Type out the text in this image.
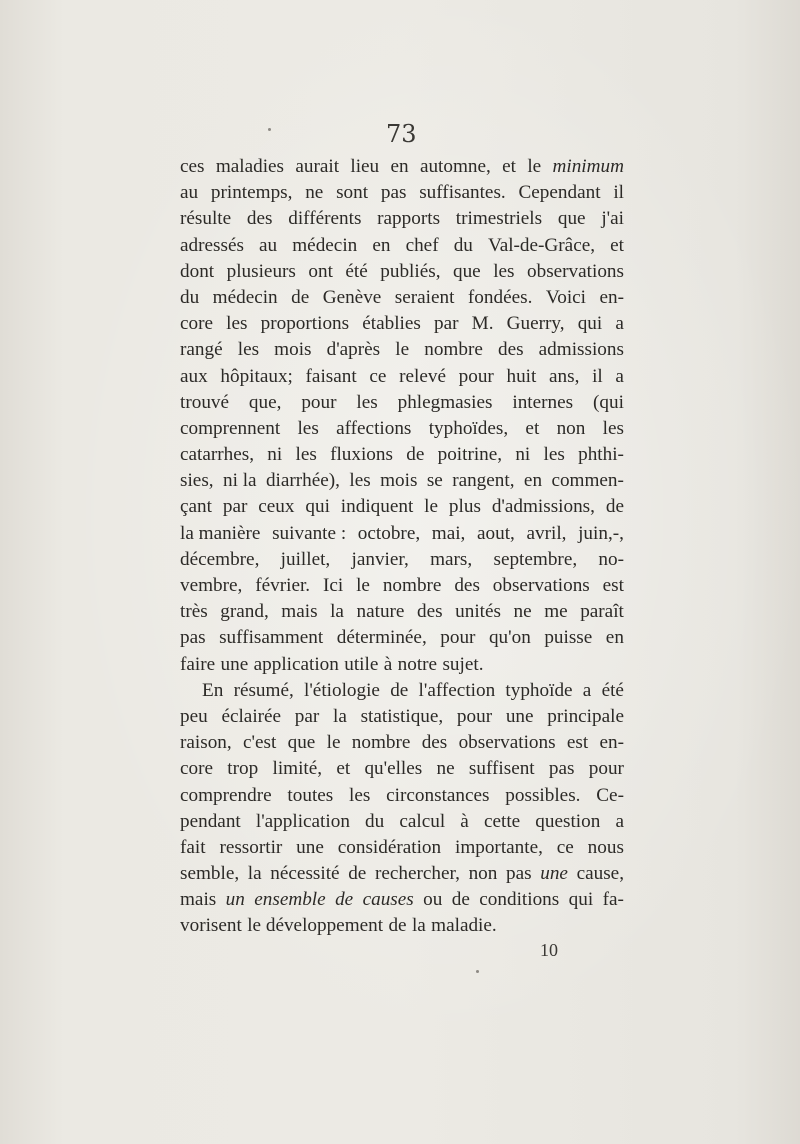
73
ces maladies aurait lieu en automne, et le minimum
au printemps, ne sont pas suffisantes. Cependant il
résulte des différents rapports trimestriels que j'ai
adressés au médecin en chef du Val-de-Grâce, et
dont plusieurs ont été publiés, que les observations
du médecin de Genève seraient fondées. Voici en-
core les proportions établies par M. Guerry, qui a
rangé les mois d'après le nombre des admissions
aux hôpitaux; faisant ce relevé pour huit ans, il a
trouvé que, pour les phlegmasies internes (qui
comprennent les affections typhoïdes, et non les
catarrhes, ni les fluxions de poitrine, ni les phthi-
sies, ni la diarrhée), les mois se rangent, en commen-
çant par ceux qui indiquent le plus d'admissions, de
la manière suivante : octobre, mai, aout, avril, juin,-,
décembre, juillet, janvier, mars, septembre, no-
vembre, février. Ici le nombre des observations est
très grand, mais la nature des unités ne me paraît
pas suffisamment déterminée, pour qu'on puisse en
faire une application utile à notre sujet.
En résumé, l'étiologie de l'affection typhoïde a été
peu éclairée par la statistique, pour une principale
raison, c'est que le nombre des observations est en-
core trop limité, et qu'elles ne suffisent pas pour
comprendre toutes les circonstances possibles. Ce-
pendant l'application du calcul à cette question a
fait ressortir une considération importante, ce nous
semble, la nécessité de rechercher, non pas une cause,
mais un ensemble de causes ou de conditions qui fa-
vorisent le développement de la maladie.
10
